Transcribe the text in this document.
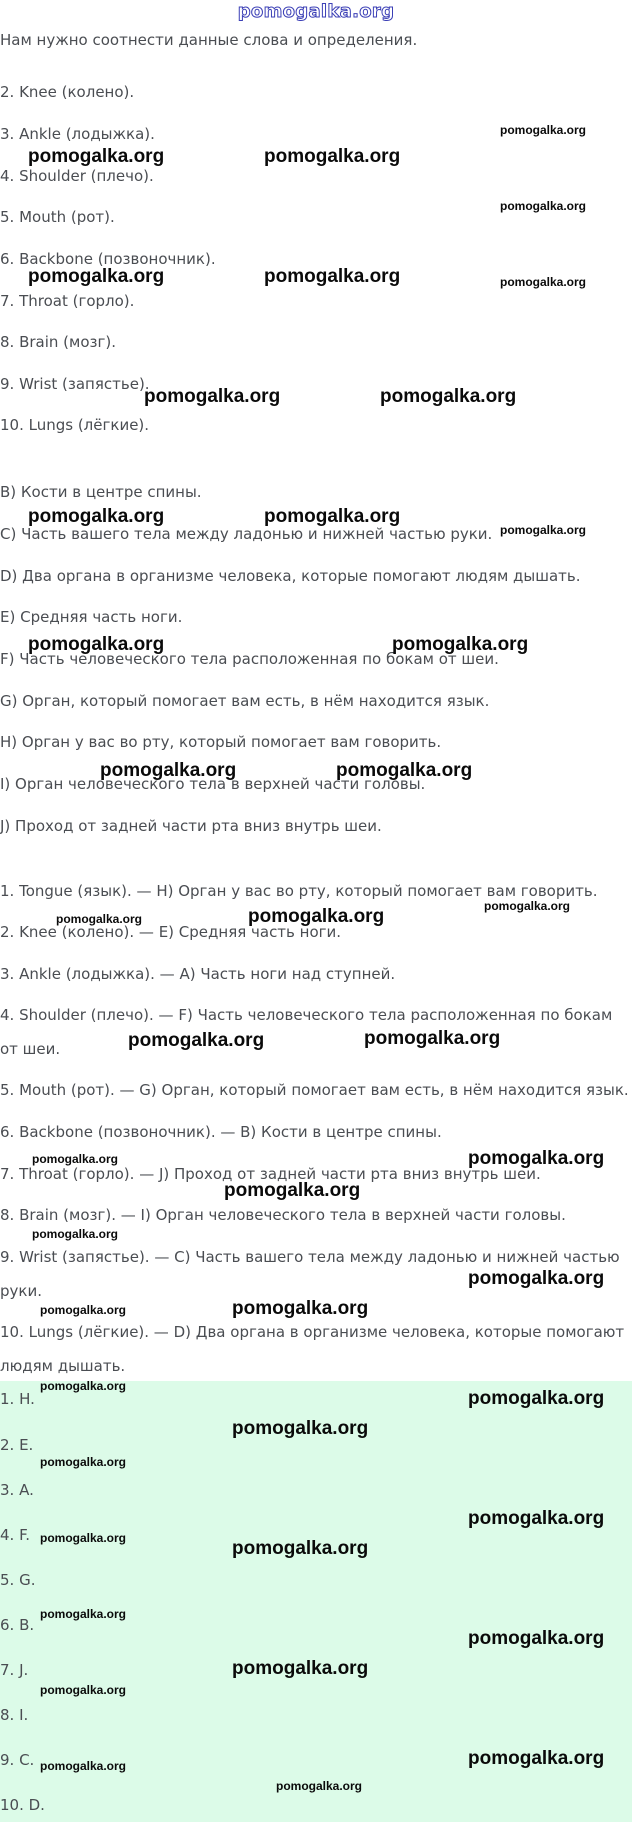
pomogalka.org
Нам нужно соотнести данные слова и определения.
2. Knee (колено).
3. Ankle (лодыжка).
4. Shoulder (плечо).
5. Mouth (рот).
6. Backbone (позвоночник).
7. Throat (горло).
8. Brain (мозг).
9. Wrist (запястье).
10. Lungs (лёгкие).
B) Кости в центре спины.
C) Часть вашего тела между ладонью и нижней частью руки.
D) Два органа в организме человека, которые помогают людям дышать.
E) Средняя часть ноги.
F) Часть человеческого тела расположенная по бокам от шеи.
G) Орган, который помогает вам есть, в нём находится язык.
H) Орган у вас во рту, который помогает вам говорить.
I) Орган человеческого тела в верхней части головы.
J) Проход от задней части рта вниз внутрь шеи.
1. Tongue (язык). — H) Орган у вас во рту, который помогает вам говорить.
2. Knee (колено). — E) Средняя часть ноги.
3. Ankle (лодыжка). — A) Часть ноги над ступней.
4. Shoulder (плечо). — F) Часть человеческого тела расположенная по бокам от шеи.
5. Mouth (рот). — G) Орган, который помогает вам есть, в нём находится язык.
6. Backbone (позвоночник). — B) Кости в центре спины.
7. Throat (горло). — J) Проход от задней части рта вниз внутрь шеи.
8. Brain (мозг). — I) Орган человеческого тела в верхней части головы.
9. Wrist (запястье). — C) Часть вашего тела между ладонью и нижней частью руки.
10. Lungs (лёгкие). — D) Два органа в организме человека, которые помогают людям дышать.
1. H.
2. E.
3. A.
4. F.
5. G.
6. B.
7. J.
8. I.
9. C.
10. D.
pomogalka.org
pomogalka.org	pomogalka.org
pomogalka.org
pomogalka.org	pomogalka.org	pomogalka.org
pomogalka.org	pomogalka.org
pomogalka.org	pomogalka.org
pomogalka.org
pomogalka.org	pomogalka.org
pomogalka.org	pomogalka.org
pomogalka.org
pomogalka.org	pomogalka.org
pomogalka.org	pomogalka.org
pomogalka.org	pomogalka.org
pomogalka.org
pomogalka.org
pomogalka.org
pomogalka.org	pomogalka.org
pomogalka.org
pomogalka.org
pomogalka.org
pomogalka.org
pomogalka.org
pomogalka.org	pomogalka.org
pomogalka.org
pomogalka.org
pomogalka.org
pomogalka.org
pomogalka.org	pomogalka.org
pomogalka.org
